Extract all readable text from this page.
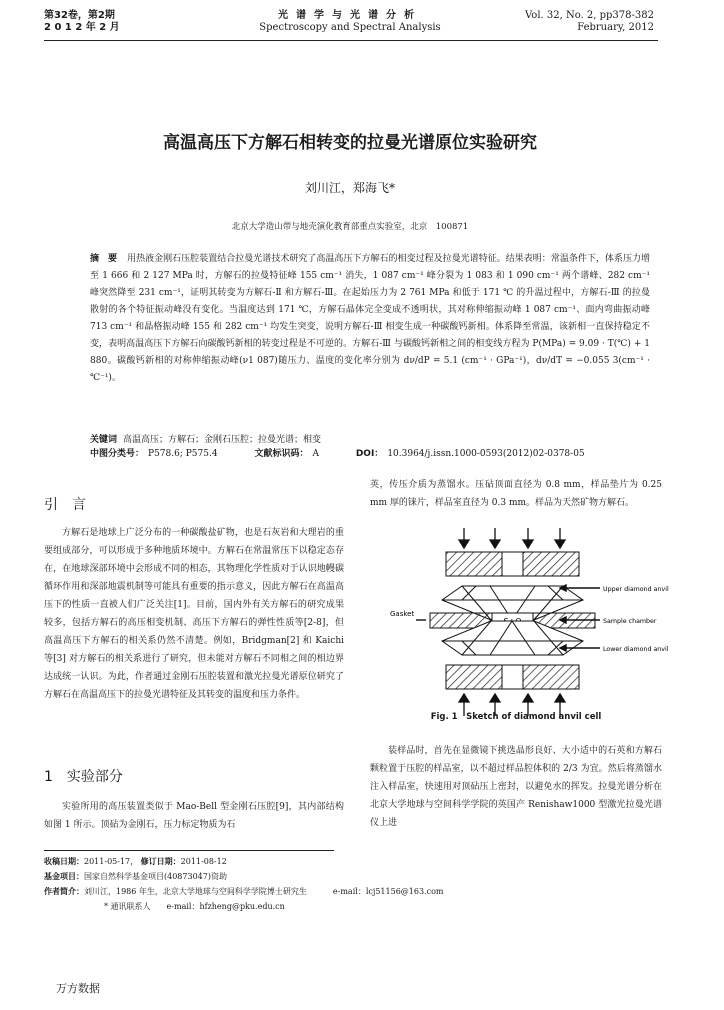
第32卷，第2期
2 0 1 2 年 2 月
光谱学与光谱分析
Spectroscopy and Spectral Analysis
Vol. 32, No. 2, pp378-382
February, 2012
高温高压下方解石相转变的拉曼光谱原位实验研究
刘川江，郑海飞*
北京大学造山带与地壳演化教育部重点实验室，北京　100871
摘　要 用热液金刚石压腔装置结合拉曼光谱技术研究了高温高压下方解石的相变过程及拉曼光谱特征。结果表明：常温条件下，体系压力增至 1 666 和 2 127 MPa 时，方解石的拉曼特征峰 155 cm⁻¹ 消失，1 087 cm⁻¹ 峰分裂为 1 083 和 1 090 cm⁻¹ 两个谱峰、282 cm⁻¹ 峰突然降至 231 cm⁻¹，证明其转变为方解石-Ⅱ 和方解石-Ⅲ。在起始压力为 2 761 MPa 和低于 171 ℃ 的升温过程中，方解石-Ⅲ 的拉曼散射的各个特征振动峰没有变化。当温度达到 171 ℃，方解石晶体完全变成不透明状，其对称伸缩振动峰 1 087 cm⁻¹、面内弯曲振动峰 713 cm⁻¹ 和晶格振动峰 155 和 282 cm⁻¹ 均发生突变，说明方解石-Ⅲ 相变生成一种碳酸钙新相。体系降至常温，该新相一直保持稳定不变，表明高温高压下方解石向碳酸钙新相的转变过程是不可逆的。方解石-Ⅲ 与碳酸钙新相之间的相变线方程为 P(MPa) = 9.09 · T(℃) + 1 880。碳酸钙新相的对称伸缩振动峰(ν1 087)随压力、温度的变化率分别为 dν/dP = 5.1 (cm⁻¹ · GPa⁻¹)，dν/dT = −0.055 3(cm⁻¹ · ℃⁻¹)。
关键词 高温高压；方解石；金刚石压腔；拉曼光谱；相变
中图分类号： P578.6; P575.4	文献标识码： A	DOI： 10.3964/j.issn.1000-0593(2012)02-0378-05
引　言
方解石是地球上广泛分布的一种碳酸盐矿物，也是石灰岩和大理岩的重要组成部分，可以形成于多种地质环境中。方解石在常温常压下以稳定态存在，在地球深部环境中会形成不同的相态，其物理化学性质对于认识地幔碳循环作用和深部地震机制等可能具有重要的指示意义，因此方解石在高温高压下的性质一直被人们广泛关注[1]。目前，国内外有关方解石的研究成果较多，包括方解石的高压相变机制、高压下方解石的弹性性质等[2-8]，但高温高压下方解石的相关系仍然不清楚。例如，Bridgman[2] 和 Kaichi 等[3] 对方解石的相关系进行了研究，但未能对方解石不同相之间的相边界达成统一认识。为此，作者通过金刚石压腔装置和激光拉曼光谱原位研究了方解石在高温高压下的拉曼光谱特征及其转变的温度和压力条件。
1　实验部分
实验所用的高压装置类似于 Mao-Bell 型金刚石压腔[9]，其内部结构如图 1 所示。顶砧为金刚石，压力标定物质为石
英，传压介质为蒸馏水。压砧顶面直径为 0.8 mm，样品垫片为 0.25 mm 厚的铼片，样品室直径为 0.3 mm。样品为天然矿物方解石。
Upper diamond anvil
Sample chamber
Lower diamond anvil
Gasket
Fig. 1　Sketch of diamond anvil cell
装样品时，首先在显微镜下挑选晶形良好、大小适中的石英和方解石颗粒置于压腔的样品室，以不超过样品腔体积的 2/3 为宜。然后将蒸馏水注入样品室，快速用对顶砧压上密封，以避免水的挥发。拉曼光谱分析在北京大学地球与空间科学学院的英国产 Renishaw1000 型激光拉曼光谱仪上进
收稿日期：2011-05-17， 修订日期：2011-08-12
基金项目：国家自然科学基金项目(40873047)资助
作者简介：刘川江，1986 年生，北京大学地球与空间科学学院博士研究生	e-mail：lcj51156@163.com
* 通讯联系人　　e-mail：hfzheng@pku.edu.cn
万方数据
